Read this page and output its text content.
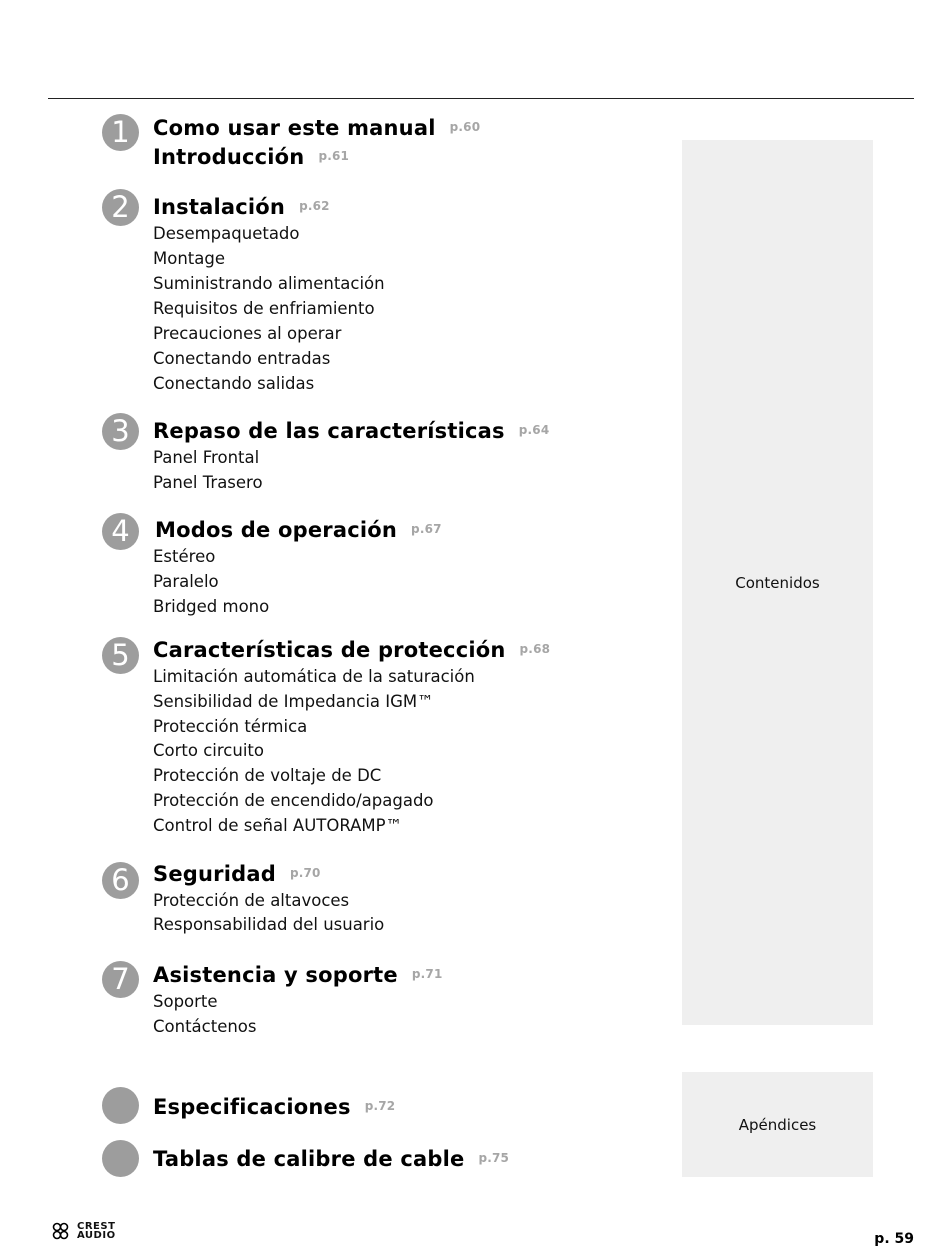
Contenidos
Apéndices
1	Como usar este manual p.60
Introducción p.61
2	Instalación p.62
Desempaquetado
Montage
Suministrando alimentación
Requisitos de enfriamiento
Precauciones al operar
Conectando entradas
Conectando salidas
3	Repaso de las características p.64
Panel Frontal
Panel Trasero
4	Modos de operación p.67
Estéreo
Paralelo
Bridged mono
5	Características de protección p.68
Limitación automática de la saturación
Sensibilidad de Impedancia IGM™
Protección térmica
Corto circuito
Protección de voltaje de DC
Protección de encendido/apagado
Control de señal AUTORAMP™
6	Seguridad p.70
Protección de altavoces
Responsabilidad del usuario
7	Asistencia y soporte p.71
Soporte
Contáctenos
Especificaciones p.72
Tablas de calibre de cable p.75
CREST
AUDIO	p. 59
